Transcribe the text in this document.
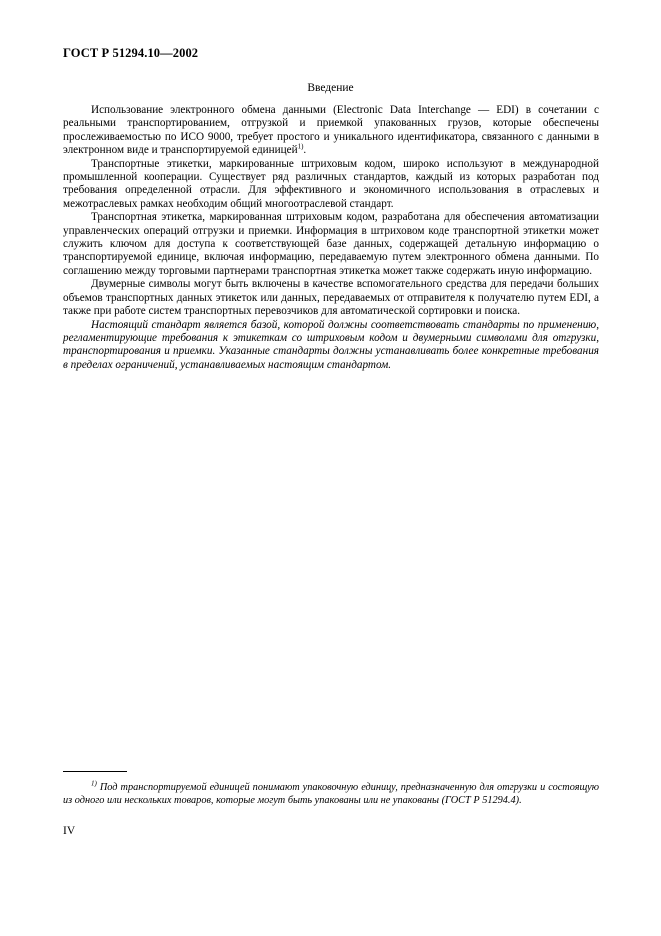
ГОСТ Р 51294.10—2002
Введение

Использование электронного обмена данными (Electronic Data Interchange — EDI) в сочетании с реальными транспортированием, отгрузкой и приемкой упакованных грузов, которые обеспечены прослеживаемостью по ИСО 9000, требует простого и уникального идентификатора, связанного с данными в электронном виде и транспортируемой единицей$^{1)}$.

Транспортные этикетки, маркированные штриховым кодом, широко используют в международной промышленной кооперации. Существует ряд различных стандартов, каждый из которых разработан под требования определенной отрасли. Для эффективного и экономичного использования в отраслевых и межотраслевых рамках необходим общий многоотраслевой стандарт.

Транспортная этикетка, маркированная штриховым кодом, разработана для обеспечения автоматизации управленческих операций отгрузки и приемки. Информация в штриховом коде транспортной этикетки может служить ключом для доступа к соответствующей базе данных, содержащей детальную информацию о транспортируемой единице, включая информацию, передаваемую путем электронного обмена данными. По соглашению между торговыми партнерами транспортная этикетка может также содержать иную информацию.

Двумерные символы могут быть включены в качестве вспомогательного средства для передачи больших объемов транспортных данных этикеток или данных, передаваемых от отправителя к получателю путем EDI, а также при работе систем транспортных перевозчиков для автоматической сортировки и поиска.

Настоящий стандарт является базой, которой должны соответствовать стандарты по применению, регламентирующие требования к этикеткам со штриховым кодом и двумерными символами для отгрузки, транспортирования и приемки. Указанные стандарты должны устанавливать более конкретные требования в пределах ограничений, устанавливаемых настоящим стандартом.

$^{1)}$ Под транспортируемой единицей понимают упаковочную единицу, предназначенную для отгрузки и состоящую из одного или нескольких товаров, которые могут быть упакованы или не упакованы (ГОСТ Р 51294.4).

IV
